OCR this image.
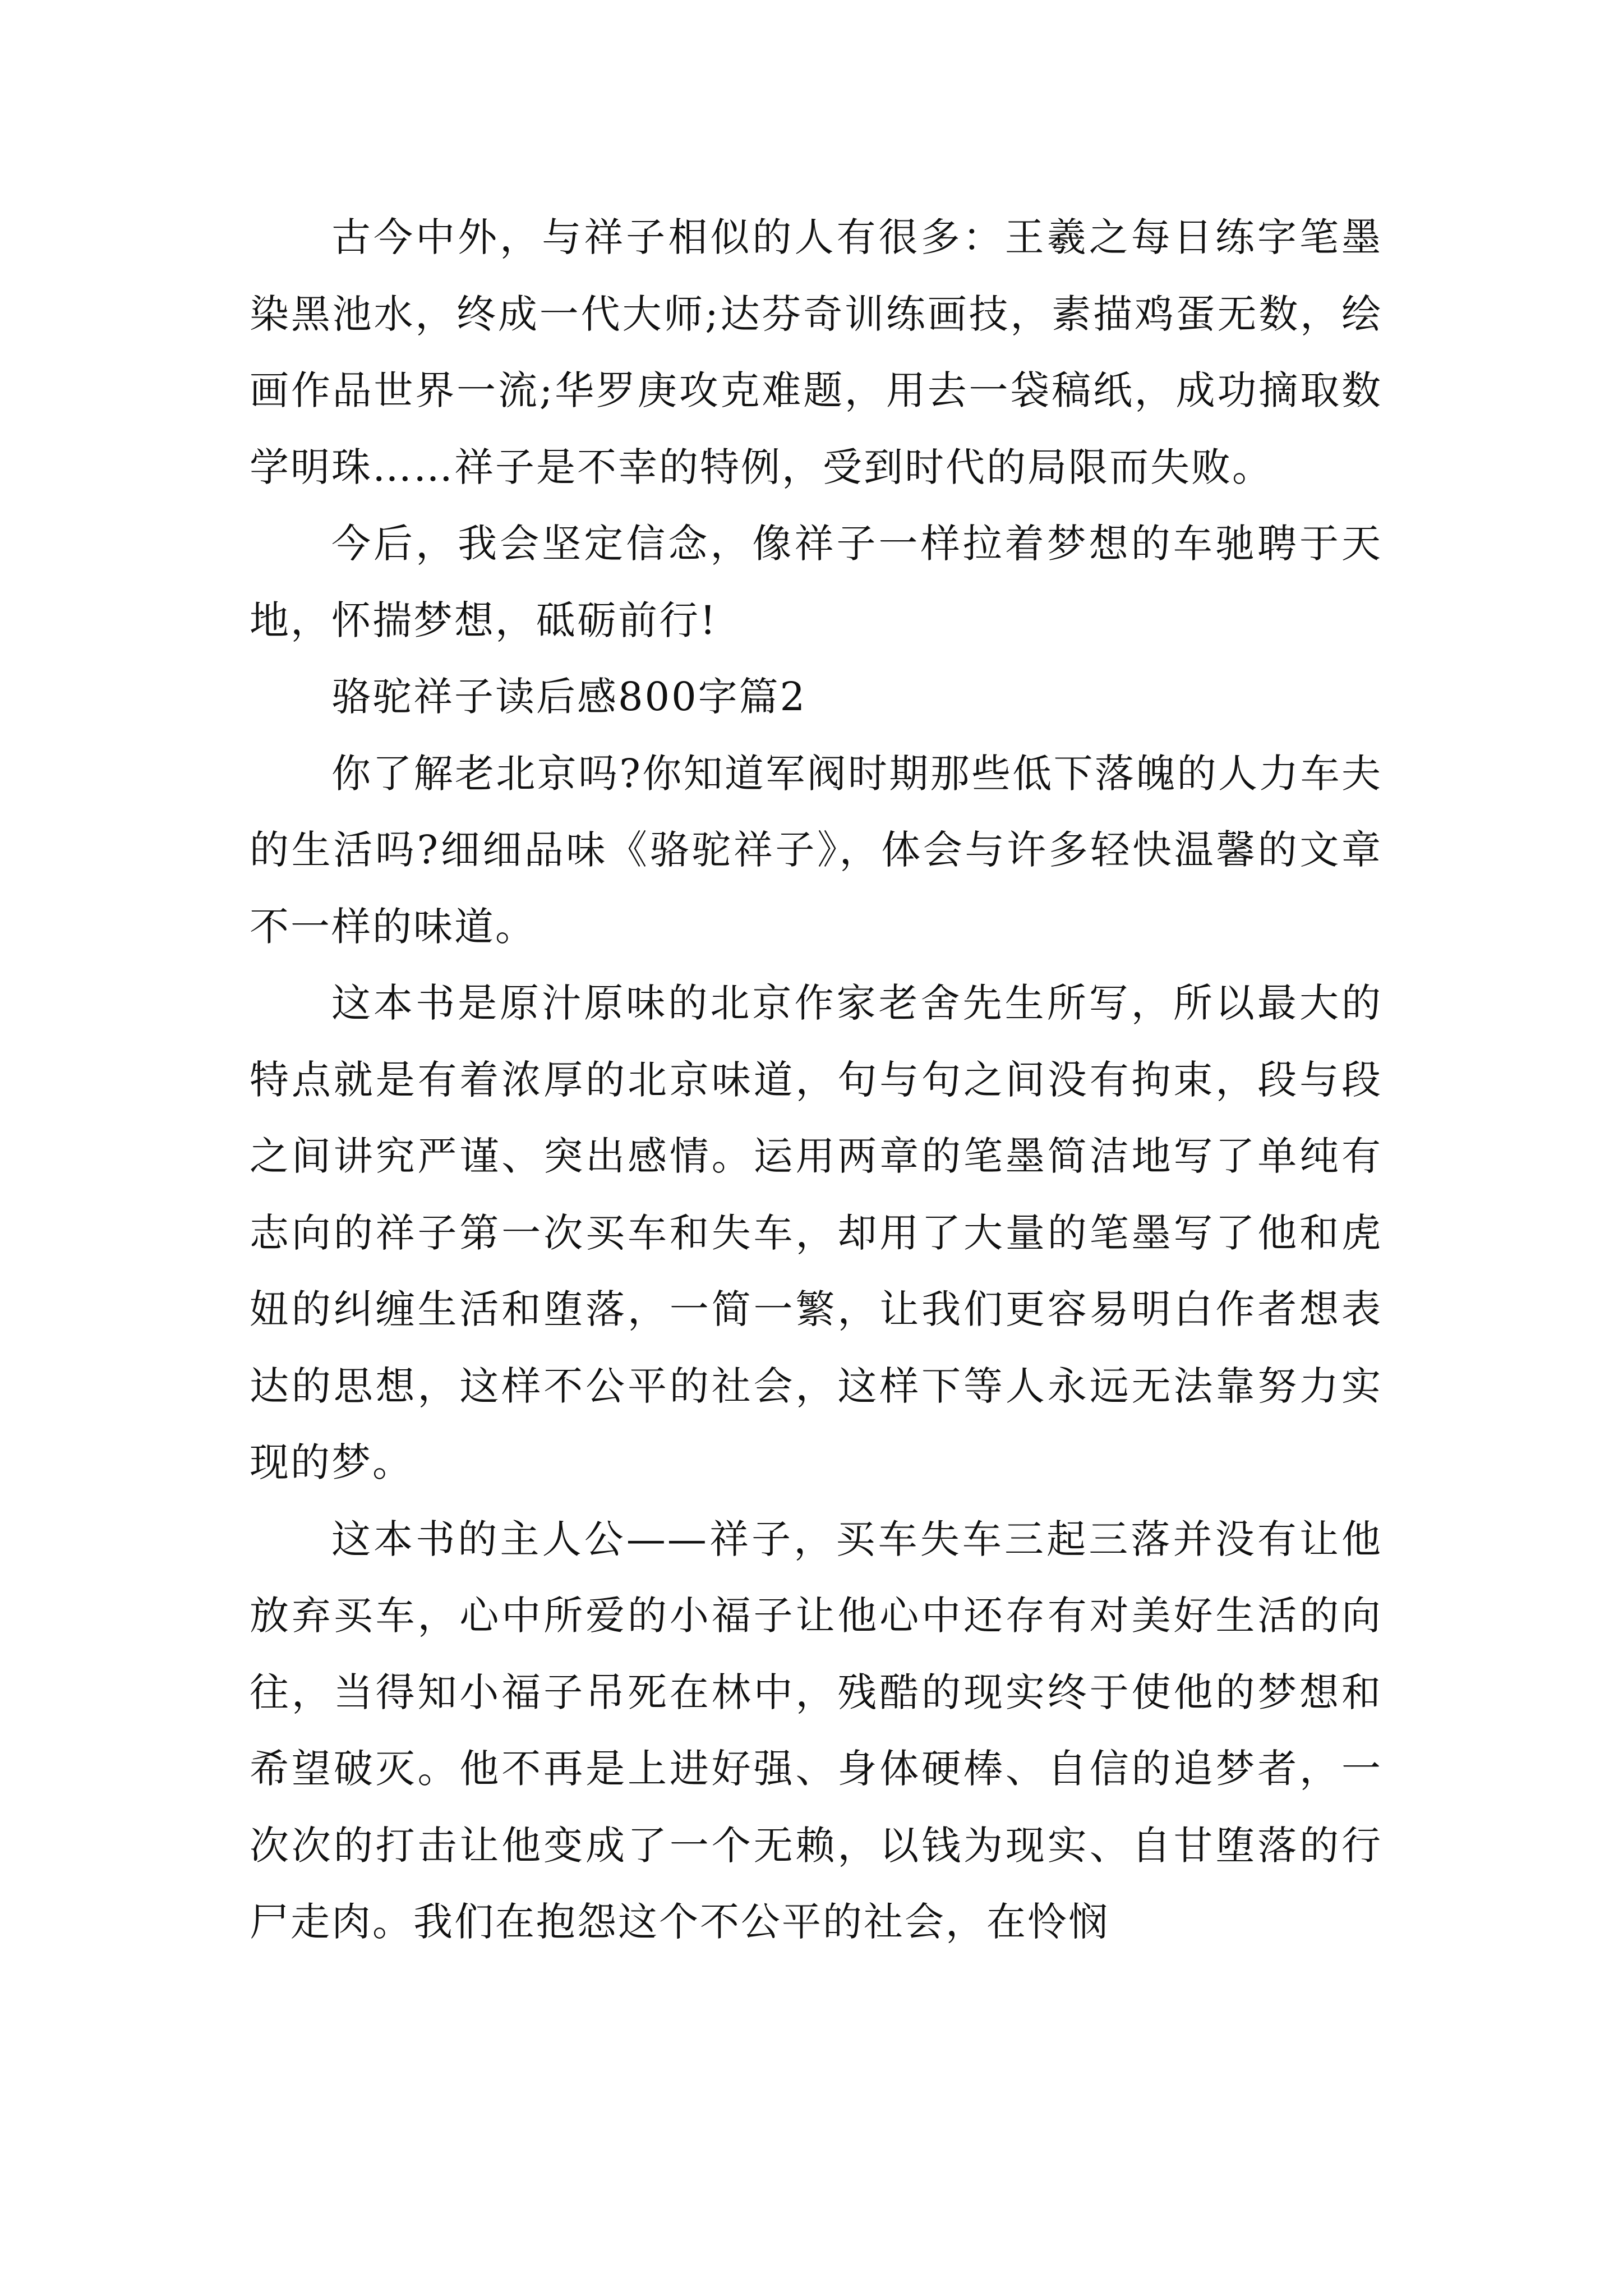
古今中外，与祥子相似的人有很多：王羲之每日练字笔墨染黑池水，终成一代大师;达芬奇训练画技，素描鸡蛋无数，绘画作品世界一流;华罗庚攻克难题，用去一袋稿纸，成功摘取数学明珠……祥子是不幸的特例，受到时代的局限而失败。

今后，我会坚定信念，像祥子一样拉着梦想的车驰聘于天地，怀揣梦想，砥砺前行!

骆驼祥子读后感800字篇2

你了解老北京吗?你知道军阀时期那些低下落魄的人力车夫的生活吗?细细品味《骆驼祥子》，体会与许多轻快温馨的文章不一样的味道。

这本书是原汁原味的北京作家老舍先生所写，所以最大的特点就是有着浓厚的北京味道，句与句之间没有拘束，段与段之间讲究严谨、突出感情。运用两章的笔墨简洁地写了单纯有志向的祥子第一次买车和失车，却用了大量的笔墨写了他和虎妞的纠缠生活和堕落，一简一繁，让我们更容易明白作者想表达的思想，这样不公平的社会，这样下等人永远无法靠努力实现的梦。

这本书的主人公——祥子，买车失车三起三落并没有让他放弃买车，心中所爱的小福子让他心中还存有对美好生活的向往，当得知小福子吊死在林中，残酷的现实终于使他的梦想和希望破灭。他不再是上进好强、身体硬棒、自信的追梦者，一次次的打击让他变成了一个无赖，以钱为现实、自甘堕落的行尸走肉。我们在抱怨这个不公平的社会，在怜悯
